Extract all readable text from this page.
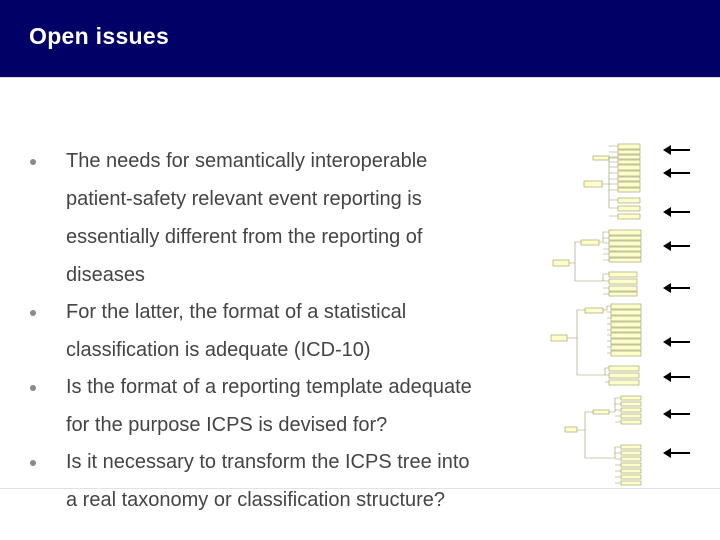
Open issues
The needs for semantically interoperable
patient-safety relevant event reporting is
essentially different from the reporting of
diseases
For the latter, the format of a statistical
classification is adequate (ICD-10)
Is the format of a reporting template adequate
for the purpose ICPS is devised for?
Is it necessary to transform the ICPS tree into
a real taxonomy or classification structure?
